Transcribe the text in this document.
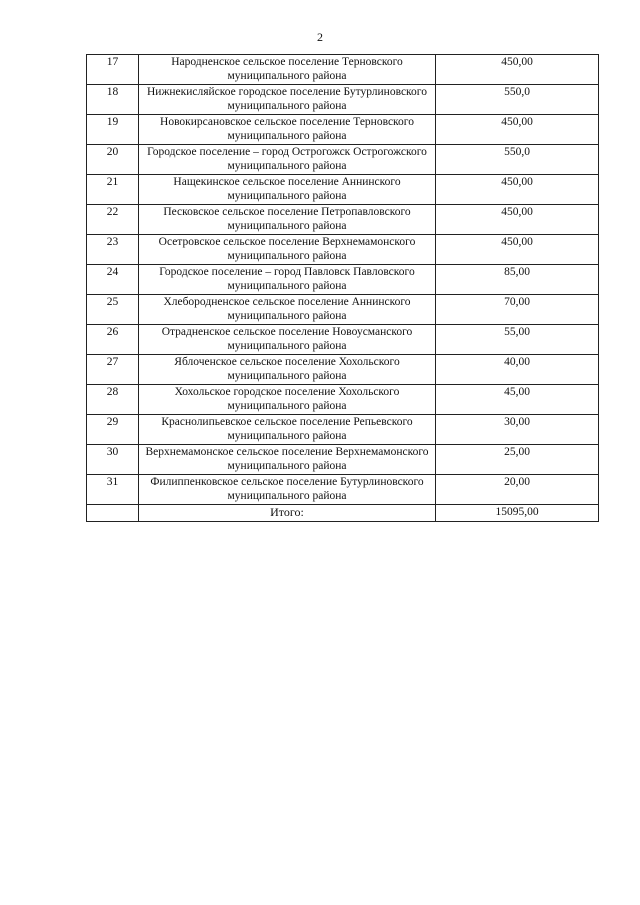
2
17	Народненское сельское поселение Терновского муниципального района	450,00
18	Нижнекисляйское городское поселение Бутурлиновского муниципального района	550,0
19	Новокирсановское сельское поселение Терновского муниципального района	450,00
20	Городское поселение – город Острогожск Острогожского муниципального района	550,0
21	Нащекинское сельское поселение Аннинского муниципального района	450,00
22	Песковское сельское поселение Петропавловского муниципального района	450,00
23	Осетровское сельское поселение Верхнемамонского муниципального района	450,00
24	Городское поселение – город Павловск Павловского муниципального района	85,00
25	Хлебородненское сельское поселение Аннинского муниципального района	70,00
26	Отрадненское сельское поселение Новоусманского муниципального района	55,00
27	Яблоченское сельское поселение Хохольского муниципального района	40,00
28	Хохольское городское поселение Хохольского муниципального района	45,00
29	Краснолипьевское сельское поселение Репьевского муниципального района	30,00
30	Верхнемамонское сельское поселение Верхнемамонского муниципального района	25,00
31	Филиппенковское сельское поселение Бутурлиновского муниципального района	20,00
	Итого:	15095,00
